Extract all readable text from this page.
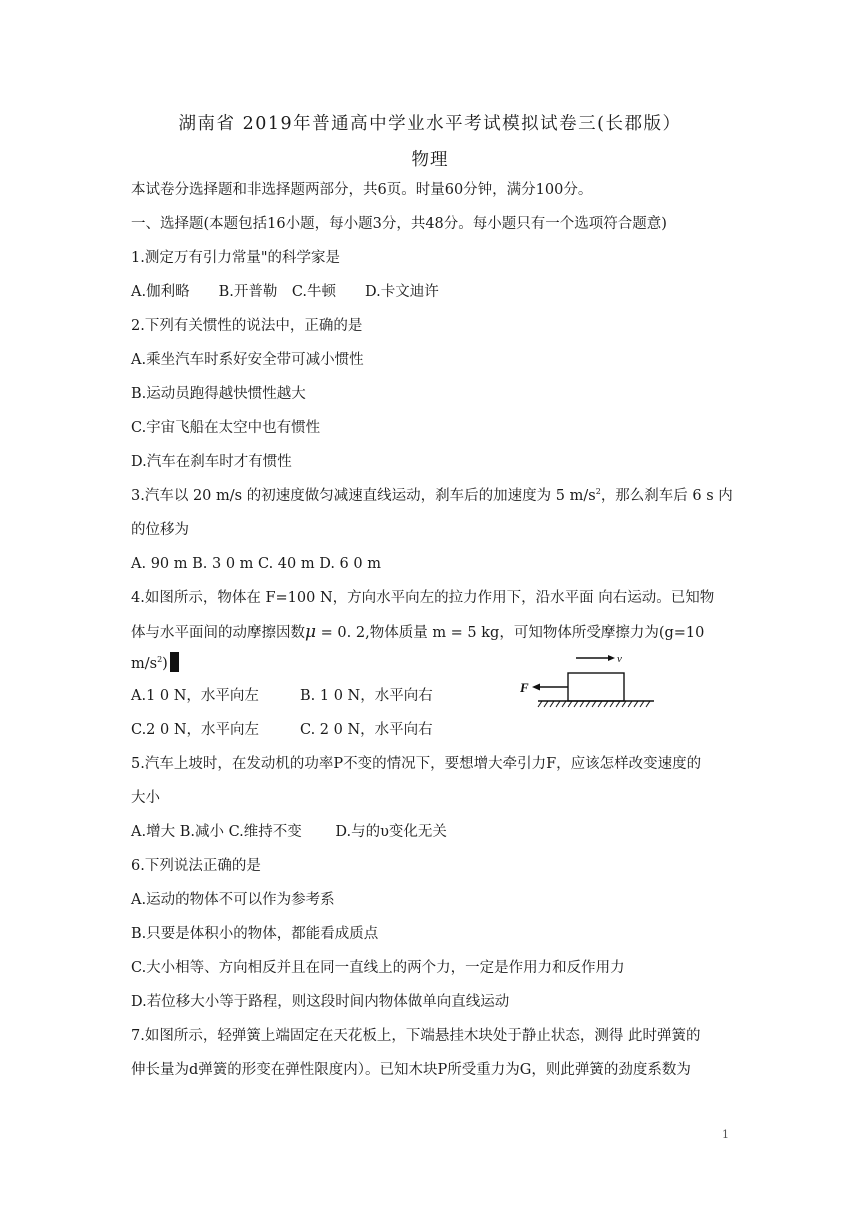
湖南省 2019年普通高中学业水平考试模拟试卷三(长郡版）
物理
本试卷分选择题和非选择题两部分，共6页。时量60分钟，满分100分。
一、选择题(本题包括16小题，每小题3分，共48分。每小题只有一个选项符合题意)
1.测定万有引力常量"的科学家是
A.伽利略　　B.开普勒　C.牛顿　　D.卡文迪许
2.下列有关惯性的说法中，正确的是
A.乘坐汽车时系好安全带可减小惯性
B.运动员跑得越快惯性越大
C.宇宙飞船在太空中也有惯性
D.汽车在刹车时才有惯性
3.汽车以 20 m/s 的初速度做匀减速直线运动，刹车后的加速度为 5 $m/s^2$，那么刹车后 6 s 内
的位移为
A. 90 m B. 3 0 m C. 40 m D. 6 0 m
4.如图所示，物体在 F=100 N，方向水平向左的拉力作用下，沿水平面 向右运动。已知物
体与水平面间的动摩擦因数μ = 0. 2,物体质量 m = 5 kg，可知物体所受摩擦力为(g=10
$m/s^2$)
A.1 0 N，水平向左	B. 1 0 N，水平向右
C.2 0 N，水平向左	C. 2 0 N，水平向右
v
F
5.汽车上坡时，在发动机的功率P不变的情况下，要想增大牵引力F，应该怎样改变速度的
大小
A.增大 B.减小 C.维持不变　　 D.与的υ变化无关
6.下列说法正确的是
A.运动的物体不可以作为参考系
B.只要是体积小的物体，都能看成质点
C.大小相等、方向相反并且在同一直线上的两个力，一定是作用力和反作用力
D.若位移大小等于路程，则这段时间内物体做单向直线运动
7.如图所示，轻弹簧上端固定在天花板上，下端悬挂木块处于静止状态，测得 此时弹簧的
伸长量为d弹簧的形变在弹性限度内）。已知木块P所受重力为G，则此弹簧的劲度系数为
1
